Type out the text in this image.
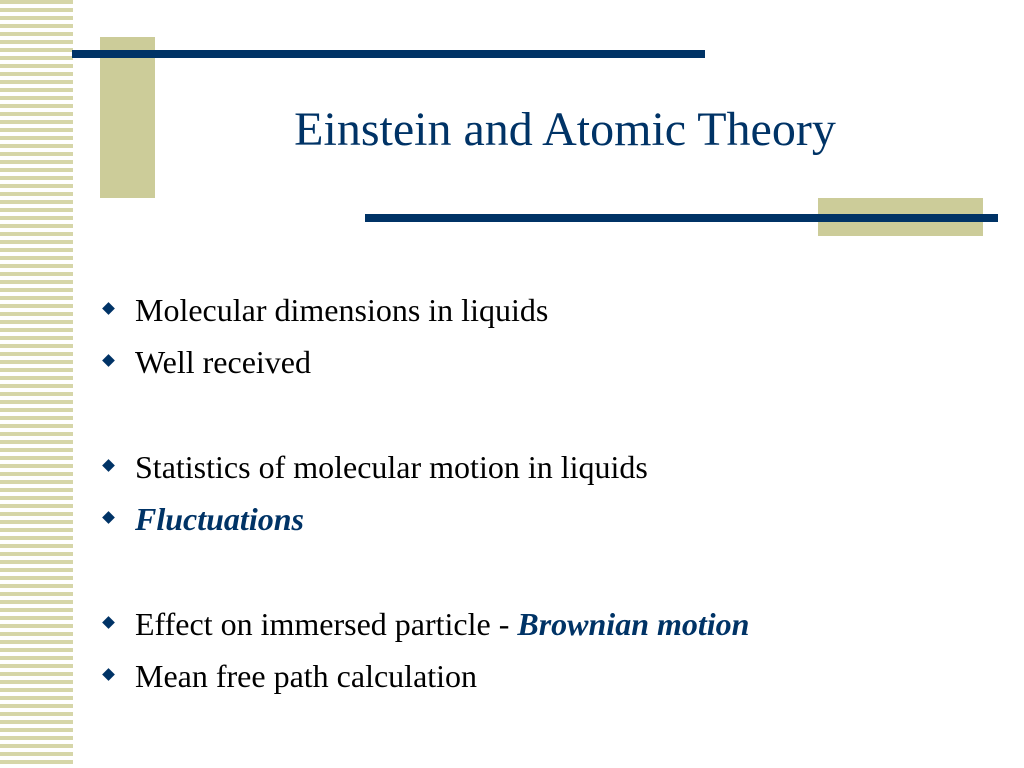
Einstein and Atomic Theory
Molecular dimensions in liquids
Well received
Statistics of molecular motion in liquids
Fluctuations
Effect on immersed particle - Brownian motion
Mean free path calculation
